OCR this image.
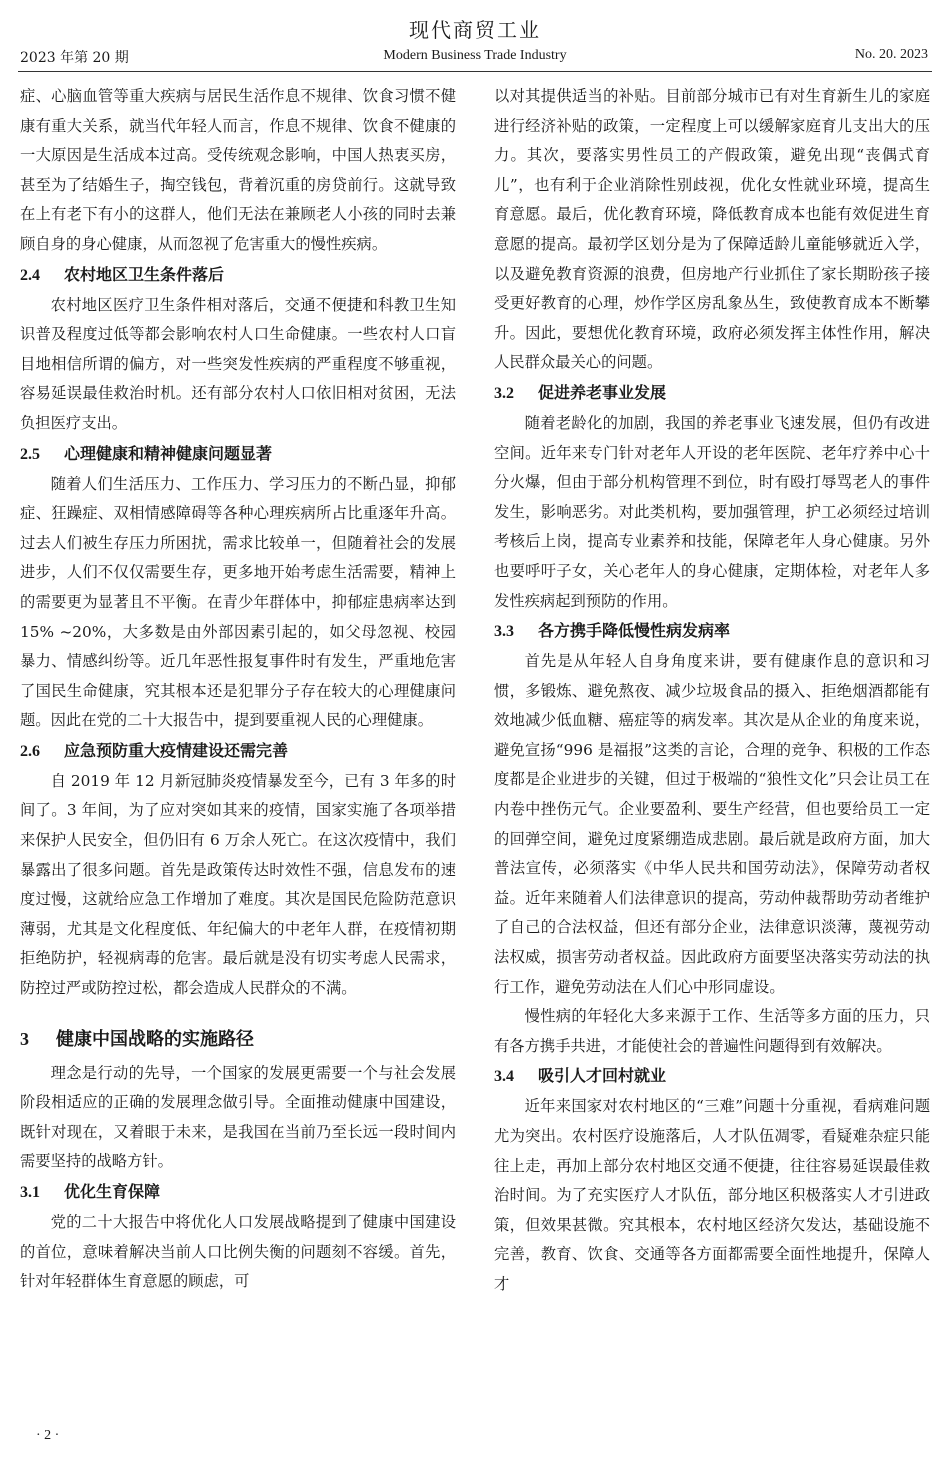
现代商贸工业
2023 年第 20 期	Modern Business Trade Industry	No. 20. 2023

症、心脑血管等重大疾病与居民生活作息不规律、饮食习惯不健康有重大关系，就当代年轻人而言，作息不规律、饮食不健康的一大原因是生活成本过高。受传统观念影响，中国人热衷买房，甚至为了结婚生子，掏空钱包，背着沉重的房贷前行。这就导致在上有老下有小的这群人，他们无法在兼顾老人小孩的同时去兼顾自身的身心健康，从而忽视了危害重大的慢性疾病。

2.4 农村地区卫生条件落后

农村地区医疗卫生条件相对落后，交通不便捷和科教卫生知识普及程度过低等都会影响农村人口生命健康。一些农村人口盲目地相信所谓的偏方，对一些突发性疾病的严重程度不够重视，容易延误最佳救治时机。还有部分农村人口依旧相对贫困，无法负担医疗支出。

2.5 心理健康和精神健康问题显著

随着人们生活压力、工作压力、学习压力的不断凸显，抑郁症、狂躁症、双相情感障碍等各种心理疾病所占比重逐年升高。过去人们被生存压力所困扰，需求比较单一，但随着社会的发展进步，人们不仅仅需要生存，更多地开始考虑生活需要，精神上的需要更为显著且不平衡。在青少年群体中，抑郁症患病率达到 15% ~20%，大多数是由外部因素引起的，如父母忽视、校园暴力、情感纠纷等。近几年恶性报复事件时有发生，严重地危害了国民生命健康，究其根本还是犯罪分子存在较大的心理健康问题。因此在党的二十大报告中，提到要重视人民的心理健康。

2.6 应急预防重大疫情建设还需完善

自 2019 年 12 月新冠肺炎疫情暴发至今，已有 3 年多的时间了。3 年间，为了应对突如其来的疫情，国家实施了各项举措来保护人民安全，但仍旧有 6 万余人死亡。在这次疫情中，我们暴露出了很多问题。首先是政策传达时效性不强，信息发布的速度过慢，这就给应急工作增加了难度。其次是国民危险防范意识薄弱，尤其是文化程度低、年纪偏大的中老年人群，在疫情初期拒绝防护，轻视病毒的危害。最后就是没有切实考虑人民需求，防控过严或防控过松，都会造成人民群众的不满。

3 健康中国战略的实施路径

理念是行动的先导，一个国家的发展更需要一个与社会发展阶段相适应的正确的发展理念做引导。全面推动健康中国建设，既针对现在，又着眼于未来，是我国在当前乃至长远一段时间内需要坚持的战略方针。

3.1 优化生育保障

党的二十大报告中将优化人口发展战略提到了健康中国建设的首位，意味着解决当前人口比例失衡的问题刻不容缓。首先，针对年轻群体生育意愿的顾虑，可

以对其提供适当的补贴。目前部分城市已有对生育新生儿的家庭进行经济补贴的政策，一定程度上可以缓解家庭育儿支出大的压力。其次，要落实男性员工的产假政策，避免出现“丧偶式育儿”，也有利于企业消除性别歧视，优化女性就业环境，提高生育意愿。最后，优化教育环境，降低教育成本也能有效促进生育意愿的提高。最初学区划分是为了保障适龄儿童能够就近入学，以及避免教育资源的浪费，但房地产行业抓住了家长期盼孩子接受更好教育的心理，炒作学区房乱象丛生，致使教育成本不断攀升。因此，要想优化教育环境，政府必须发挥主体性作用，解决人民群众最关心的问题。

3.2 促进养老事业发展

随着老龄化的加剧，我国的养老事业飞速发展，但仍有改进空间。近年来专门针对老年人开设的老年医院、老年疗养中心十分火爆，但由于部分机构管理不到位，时有殴打辱骂老人的事件发生，影响恶劣。对此类机构，要加强管理，护工必须经过培训考核后上岗，提高专业素养和技能，保障老年人身心健康。另外也要呼吁子女，关心老年人的身心健康，定期体检，对老年人多发性疾病起到预防的作用。

3.3 各方携手降低慢性病发病率

首先是从年轻人自身角度来讲，要有健康作息的意识和习惯，多锻炼、避免熬夜、减少垃圾食品的摄入、拒绝烟酒都能有效地减少低血糖、癌症等的病发率。其次是从企业的角度来说，避免宣扬“996 是福报”这类的言论，合理的竞争、积极的工作态度都是企业进步的关键，但过于极端的“狼性文化”只会让员工在内卷中挫伤元气。企业要盈利、要生产经营，但也要给员工一定的回弹空间，避免过度紧绷造成悲剧。最后就是政府方面，加大普法宣传，必须落实《中华人民共和国劳动法》，保障劳动者权益。近年来随着人们法律意识的提高，劳动仲裁帮助劳动者维护了自己的合法权益，但还有部分企业，法律意识淡薄，蔑视劳动法权威，损害劳动者权益。因此政府方面要坚决落实劳动法的执行工作，避免劳动法在人们心中形同虚设。

慢性病的年轻化大多来源于工作、生活等多方面的压力，只有各方携手共进，才能使社会的普遍性问题得到有效解决。

3.4 吸引人才回村就业

近年来国家对农村地区的“三难”问题十分重视，看病难问题尤为突出。农村医疗设施落后，人才队伍凋零，看疑难杂症只能往上走，再加上部分农村地区交通不便捷，往往容易延误最佳救治时间。为了充实医疗人才队伍，部分地区积极落实人才引进政策，但效果甚微。究其根本，农村地区经济欠发达，基础设施不完善，教育、饮食、交通等各方面都需要全面性地提升，保障人才

· 2 ·
